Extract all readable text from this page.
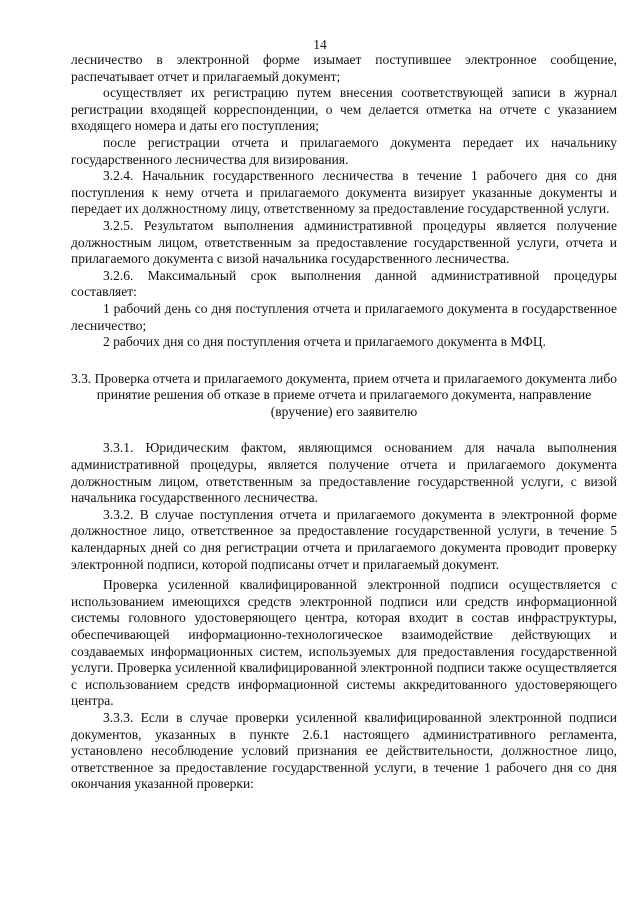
14

лесничество в электронной форме изымает поступившее электронное сообщение, распечатывает отчет и прилагаемый документ;

осуществляет их регистрацию путем внесения соответствующей записи в журнал регистрации входящей корреспонденции, о чем делается отметка на отчете с указанием входящего номера и даты его поступления;

после регистрации отчета и прилагаемого документа передает их начальнику государственного лесничества для визирования.

3.2.4. Начальник государственного лесничества в течение 1 рабочего дня со дня поступления к нему отчета и прилагаемого документа визирует указанные документы и передает их должностному лицу, ответственному за предоставление государственной услуги.

3.2.5. Результатом выполнения административной процедуры является получение должностным лицом, ответственным за предоставление государственной услуги, отчета и прилагаемого документа с визой начальника государственного лесничества.

3.2.6. Максимальный срок выполнения данной административной процедуры составляет:

1 рабочий день со дня поступления отчета и прилагаемого документа в государственное лесничество;

2 рабочих дня со дня поступления отчета и прилагаемого документа в МФЦ.

3.3. Проверка отчета и прилагаемого документа, прием отчета и прилагаемого документа либо принятие решения об отказе в приеме отчета и прилагаемого документа, направление (вручение) его заявителю

3.3.1. Юридическим фактом, являющимся основанием для начала выполнения административной процедуры, является получение отчета и прилагаемого документа должностным лицом, ответственным за предоставление государственной услуги, с визой начальника государственного лесничества.

3.3.2. В случае поступления отчета и прилагаемого документа в электронной форме должностное лицо, ответственное за предоставление государственной услуги, в течение 5 календарных дней со дня регистрации отчета и прилагаемого документа проводит проверку электронной подписи, которой подписаны отчет и прилагаемый документ.

Проверка усиленной квалифицированной электронной подписи осуществляется с использованием имеющихся средств электронной подписи или средств информационной системы головного удостоверяющего центра, которая входит в состав инфраструктуры, обеспечивающей информационно-технологическое взаимодействие действующих и создаваемых информационных систем, используемых для предоставления государственной услуги. Проверка усиленной квалифицированной электронной подписи также осуществляется с использованием средств информационной системы аккредитованного удостоверяющего центра.

3.3.3. Если в случае проверки усиленной квалифицированной электронной подписи документов, указанных в пункте 2.6.1 настоящего административного регламента, установлено несоблюдение условий признания ее действительности, должностное лицо, ответственное за предоставление государственной услуги, в течение 1 рабочего дня со дня окончания указанной проверки:
